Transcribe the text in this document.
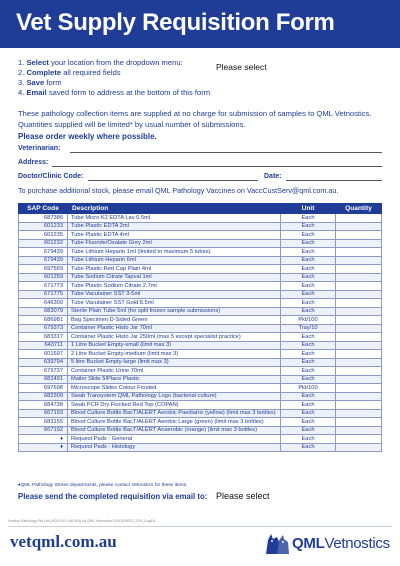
Vet Supply Requisition Form
1. Select your location from the dropdown menu:
2. Complete all required fields
3. Save form
4. Email saved form to address at the bottom of this form
Please select
These pathology collection items are supplied at no charge for submission of samples to QML Vetnostics. Quantities supplied will be limited* by usual number of submissions.
Please order weekly where possible.
Veterinarian:
Address:
Doctor/Clinic Code:	Date:
To purchase additional stock, please email QML Pathology Vaccines on VaccCustServ@qml.com.au.
SAP Code	Description	Unit	Quantity
687386	Tube Micro K2 EDTA Lav 0.5ml	Each	
601233	Tube Plastic EDTA 2ml	Each	
601235	Tube Plastic EDTA 4ml	Each	
601232	Tube Fluoride/Oxalate Grey 2ml	Each	
679439	Tube Lithium Heparin 1ml (limited to maximum 5 tubes)	Each	
679439	Tube Lithium Heparin 6ml	Each	
697569	Tube Plastic Red Cap Plain 4ml	Each	
601259	Tube Sodium Citrate Tapval 1ml	Each	
671773	Tube Plastic Sodium Citrate 2.7ml	Each	
671775	Tube Vacutainer SST 3-5ml	Each	
646309	Tube Vacutainer SST Gold 8.5ml	Each	
683079	Sterile Plain Tube 5ml (for split frozen sample submissions)	Each	
686981	Bag Specimen D-Sided Green	Pkt/100	
679373	Container Plastic Histo Jar 70ml	Tray/10	
683317	Container Plastic Histo Jar 250ml (max 5 except specialist practice)	Each	
643711	1 Litre Bucket Empty-small (limit max 3)	Each	
601697	2 Litre Bucket Empty-medium (limit max 3)	Each	
639794	5 litre Bucket Empty-large (limit max 3)	Each	
679737	Container Plastic Urine 70ml	Each	
682491	Mailer Slide 5/Place Plastic	Each	
697698	Microscope Slides Colour Frosted	Pkt/100	
682309	Swab Transystem QML Pathology Logo (bacterial culture)	Each	
684738	Swab PCR Dry Flocked Red Top (COPAN)	Each	
667193	Blood Culture Bottle BacT/ALERT Aerobic Paediatric (yellow) (limit max 3 bottles)	Each	
683155	Blood Culture Bottle BacT/ALERT Aerobic Large (green) (limit max 3 bottles)	Each	
667192	Blood Culture Bottle BacT/ALERT Anaerobic (orange) (limit max 3 bottles)	Each	
♦	Request Pads - General	Each	
♦	Request Pads - Histology	Each	
♦QML Pathology Stores departments, please contact Vetnostics for these items.
Please send the completed requisition via email to: Please select
Healius Pathology Pty Ltd (ACN 001 148 093) t/a QML Vetnostics P/UDD/9/2/3_2/20_Aug18
vetqml.com.au	QMLVetnostics
